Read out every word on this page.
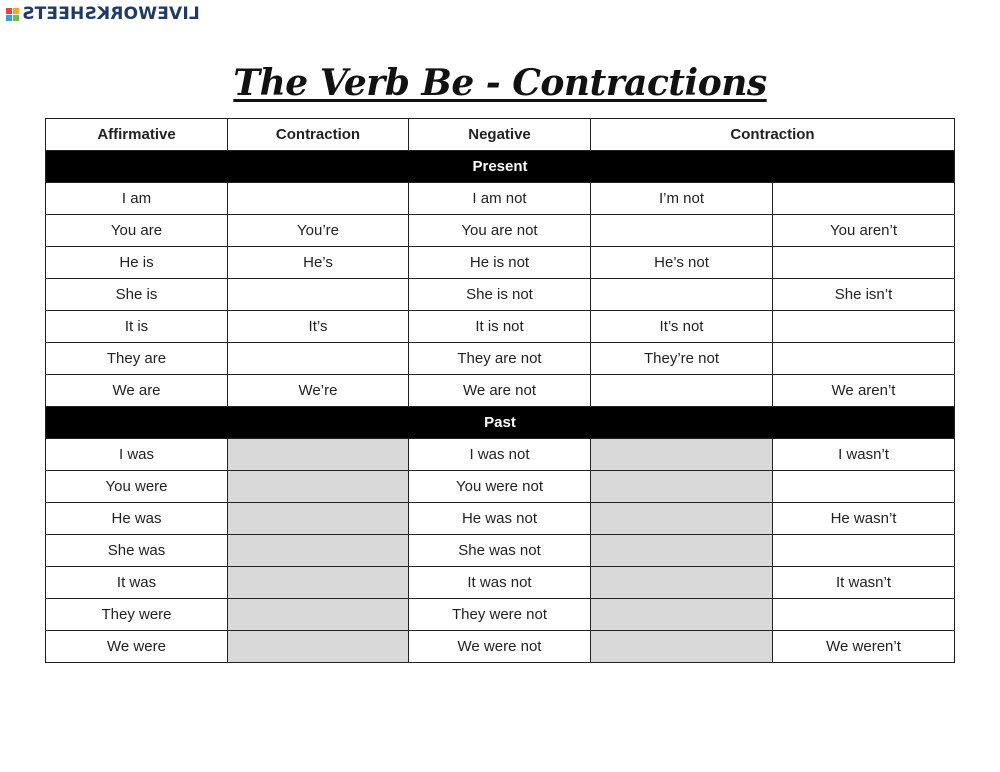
LIVEWORKSHEETS
The Verb Be - Contractions
Affirmative	Contraction	Negative	Contraction	
Present				
I am		I am not	I’m not	
You are	You’re	You are not		You aren’t
He is	He’s	He is not	He’s not	
She is		She is not		She isn’t
It is	It’s	It is not	It’s not	
They are		They are not	They’re not	
We are	We’re	We are not		We aren’t
Past				
I was		I was not		I wasn’t
You were		You were not		
He was		He was not		He wasn’t
She was		She was not		
It was		It was not		It wasn’t
They were		They were not		
We were		We were not		We weren’t
